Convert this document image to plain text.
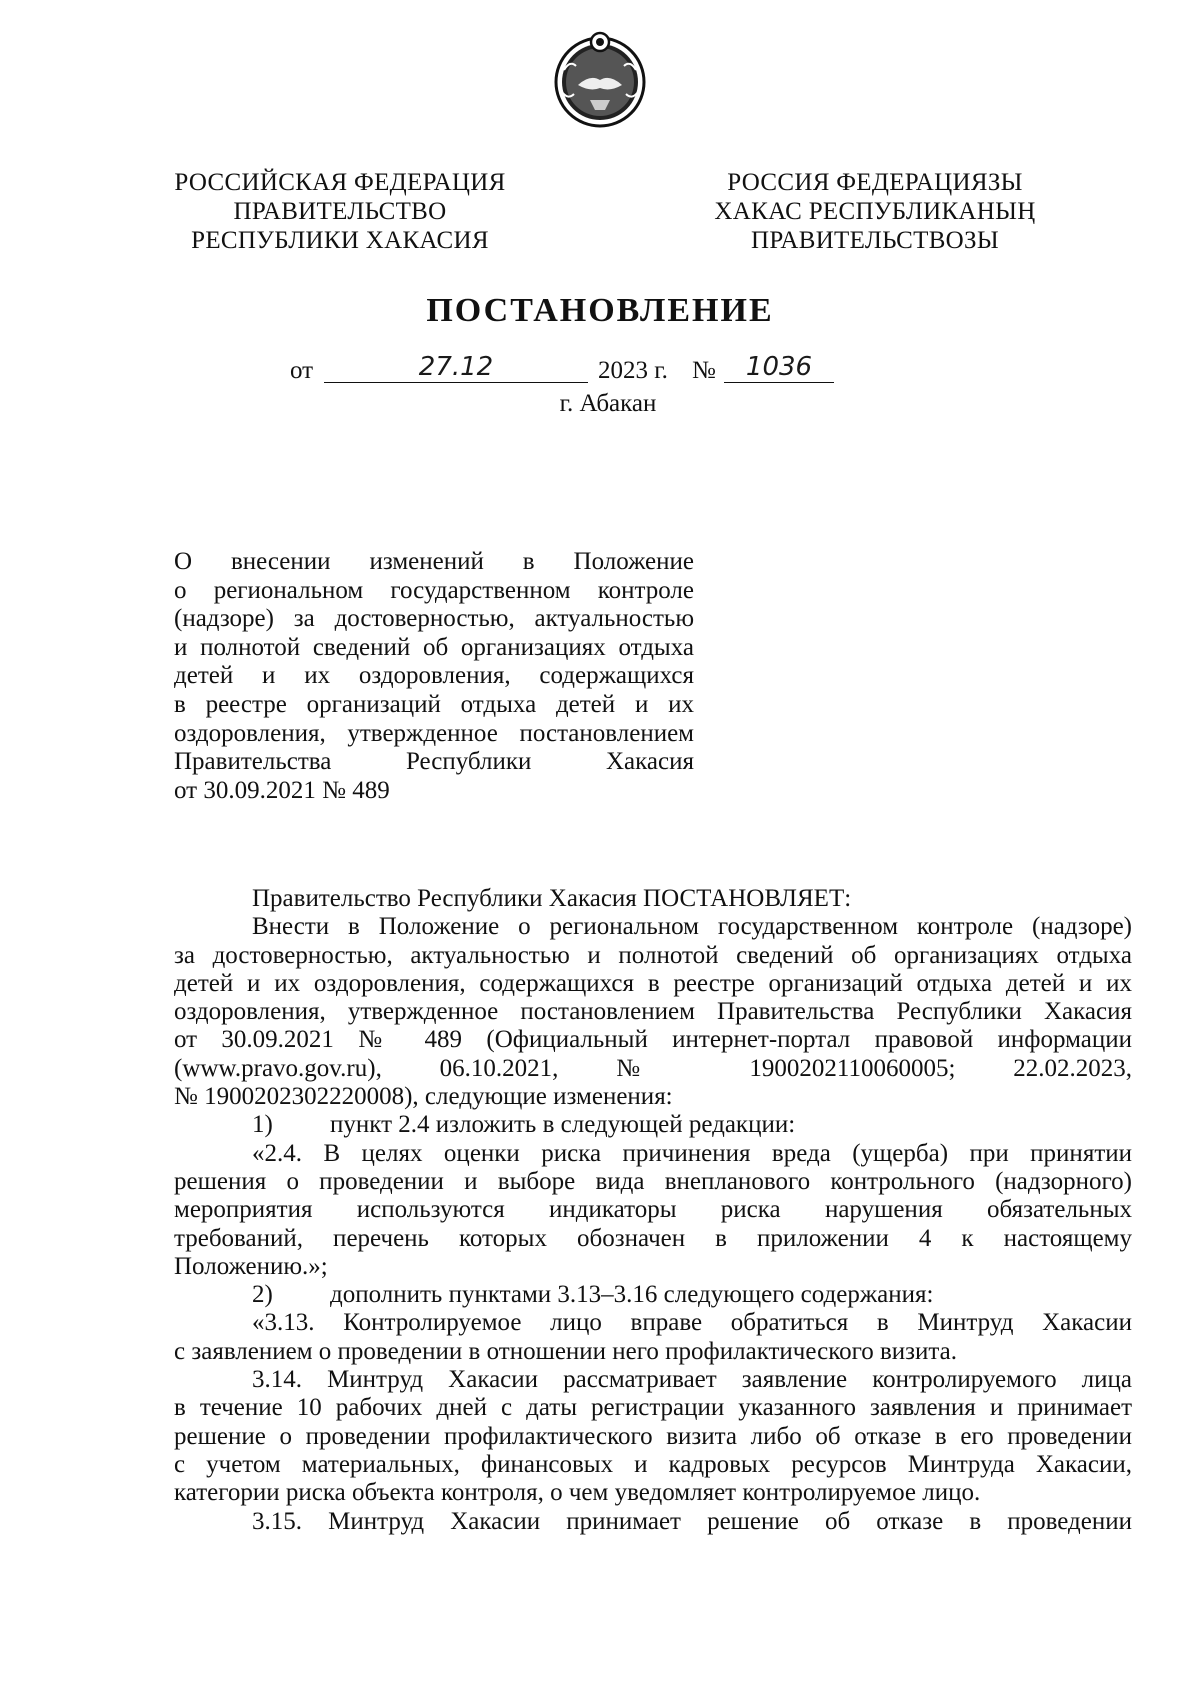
РОССИЙСКАЯ ФЕДЕРАЦИЯ
ПРАВИТЕЛЬСТВО
РЕСПУБЛИКИ ХАКАСИЯ
РОССИЯ ФЕДЕРАЦИЯЗЫ
ХАКАС РЕСПУБЛИКАНЫҢ
ПРАВИТЕЛЬСТВОЗЫ
ПОСТАНОВЛЕНИЕ
от	27.12	2023 г. №	1036
г. Абакан
О внесении изменений в Положение
о региональном государственном контроле
(надзоре) за достоверностью, актуальностью
и полнотой сведений об организациях отдыха
детей и их оздоровления, содержащихся
в реестре организаций отдыха детей и их
оздоровления, утвержденное постановлением
Правительства Республики Хакасия
от 30.09.2021 № 489
Правительство Республики Хакасия ПОСТАНОВЛЯЕТ:
Внести в Положение о региональном государственном контроле (надзоре)
за достоверностью, актуальностью и полнотой сведений об организациях отдыха
детей и их оздоровления, содержащихся в реестре организаций отдыха детей и их
оздоровления, утвержденное постановлением Правительства Республики Хакасия
от 30.09.2021 № 489 (Официальный интернет-портал правовой информации
(www.pravo.gov.ru), 06.10.2021, № 1900202110060005; 22.02.2023,
№ 1900202302220008), следующие изменения:
1) пункт 2.4 изложить в следующей редакции:
«2.4. В целях оценки риска причинения вреда (ущерба) при принятии
решения о проведении и выборе вида внепланового контрольного (надзорного)
мероприятия используются индикаторы риска нарушения обязательных
требований, перечень которых обозначен в приложении 4 к настоящему
Положению.»;
2) дополнить пунктами 3.13–3.16 следующего содержания:
«3.13. Контролируемое лицо вправе обратиться в Минтруд Хакасии
с заявлением о проведении в отношении него профилактического визита.
3.14. Минтруд Хакасии рассматривает заявление контролируемого лица
в течение 10 рабочих дней с даты регистрации указанного заявления и принимает
решение о проведении профилактического визита либо об отказе в его проведении
с учетом материальных, финансовых и кадровых ресурсов Минтруда Хакасии,
категории риска объекта контроля, о чем уведомляет контролируемое лицо.
3.15. Минтруд Хакасии принимает решение об отказе в проведении
